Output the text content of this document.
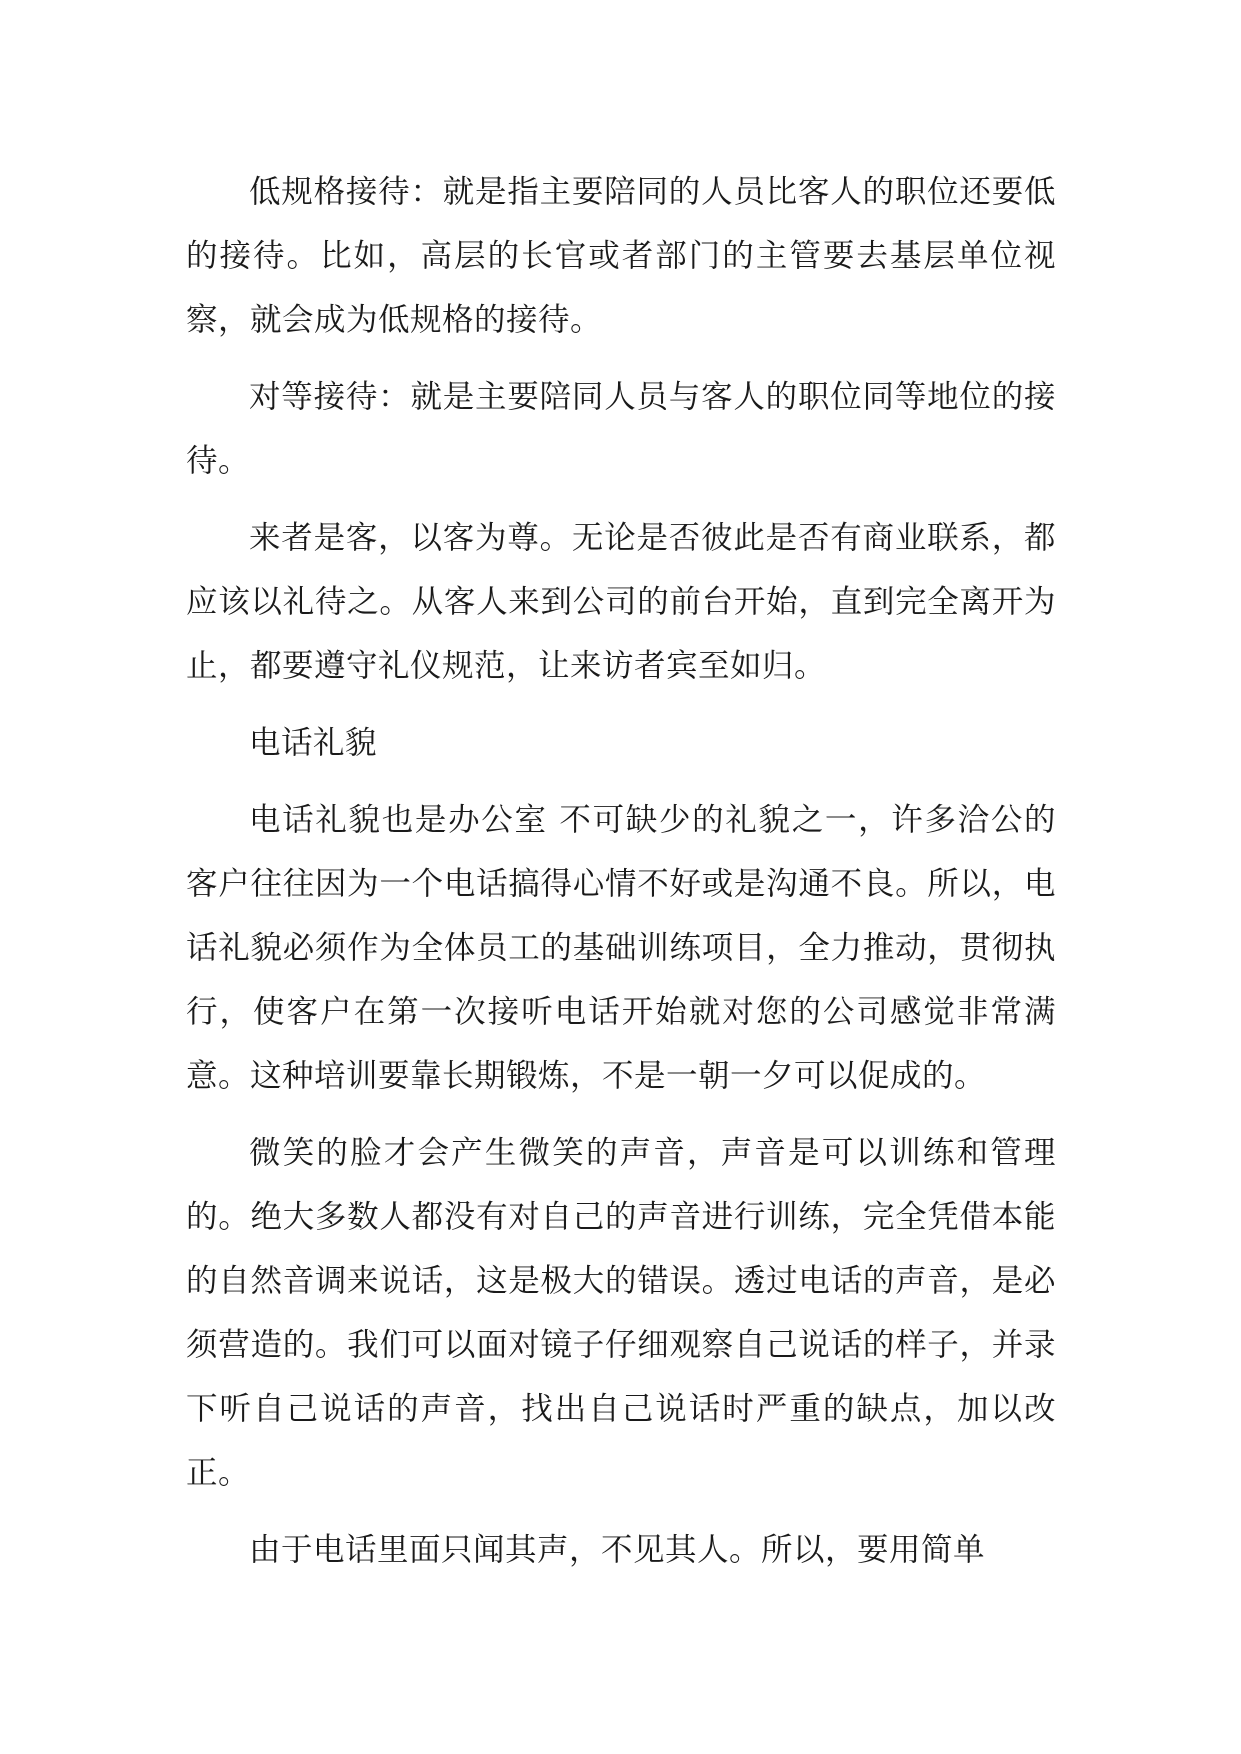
低规格接待：就是指主要陪同的人员比客人的职位还要低的接待。比如，高层的长官或者部门的主管要去基层单位视察，就会成为低规格的接待。

对等接待：就是主要陪同人员与客人的职位同等地位的接待。

来者是客，以客为尊。无论是否彼此是否有商业联系，都应该以礼待之。从客人来到公司的前台开始，直到完全离开为止，都要遵守礼仪规范，让来访者宾至如归。

电话礼貌

电话礼貌也是办公室 不可缺少的礼貌之一，许多洽公的客户往往因为一个电话搞得心情不好或是沟通不良。所以，电话礼貌必须作为全体员工的基础训练项目，全力推动，贯彻执行，使客户在第一次接听电话开始就对您的公司感觉非常满意。这种培训要靠长期锻炼，不是一朝一夕可以促成的。

微笑的脸才会产生微笑的声音，声音是可以训练和管理的。绝大多数人都没有对自己的声音进行训练，完全凭借本能的自然音调来说话，这是极大的错误。透过电话的声音，是必须营造的。我们可以面对镜子仔细观察自己说话的样子，并录下听自己说话的声音，找出自己说话时严重的缺点，加以改正。

由于电话里面只闻其声，不见其人。所以，要用简单
